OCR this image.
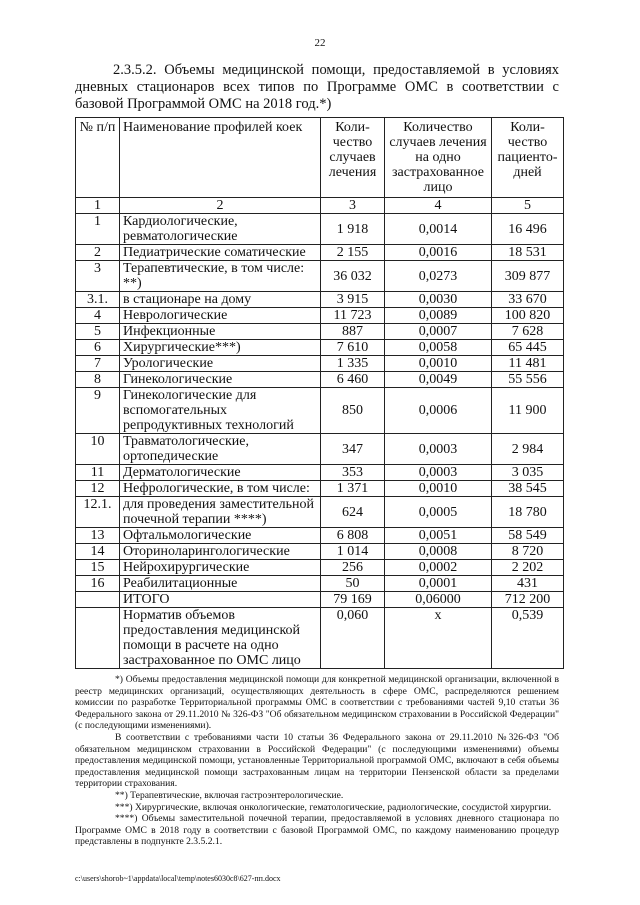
22

2.3.5.2. Объемы медицинской помощи, предоставляемой в условиях дневных стационаров всех типов по Программе ОМС в соответствии с базовой Программой ОМС на 2018 год.*)

№ п/п	Наименование профилей коек	Коли-чество случаев лечения	Количество случаев лечения на одно застрахованное лицо	Коли-чество пациенто-дней
1	2	3	4	5
1	Кардиологические, ревматологические	1 918	0,0014	16 496
2	Педиатрические соматические	2 155	0,0016	18 531
3	Терапевтические, в том числе: **)	36 032	0,0273	309 877
3.1.	в стационаре на дому	3 915	0,0030	33 670
4	Неврологические	11 723	0,0089	100 820
5	Инфекционные	887	0,0007	7 628
6	Хирургические***)	7 610	0,0058	65 445
7	Урологические	1 335	0,0010	11 481
8	Гинекологические	6 460	0,0049	55 556
9	Гинекологические для вспомогательных репродуктивных технологий	850	0,0006	11 900
10	Травматологические, ортопедические	347	0,0003	2 984
11	Дерматологические	353	0,0003	3 035
12	Нефрологические, в том числе:	1 371	0,0010	38 545
12.1.	для проведения заместительной почечной терапии ****)	624	0,0005	18 780
13	Офтальмологические	6 808	0,0051	58 549
14	Оториноларингологические	1 014	0,0008	8 720
15	Нейрохирургические	256	0,0002	2 202
16	Реабилитационные	50	0,0001	431
	ИТОГО	79 169	0,06000	712 200
	Норматив объемов предоставления медицинской помощи в расчете на одно застрахованное по ОМС лицо	0,060	х	0,539

*) Объемы предоставления медицинской помощи для конкретной медицинской организации, включенной в реестр медицинских организаций, осуществляющих деятельность в сфере ОМС, распределяются решением комиссии по разработке Территориальной программы ОМС в соответствии с требованиями частей 9,10 статьи 36 Федерального закона от 29.11.2010 № 326-ФЗ "Об обязательном медицинском страховании в Российской Федерации" (с последующими изменениями).

В соответствии с требованиями части 10 статьи 36 Федерального закона от 29.11.2010 №326-ФЗ "Об обязательном медицинском страховании в Российской Федерации" (с последующими изменениями) объемы предоставления медицинской помощи, установленные Территориальной программой ОМС, включают в себя объемы предоставления медицинской помощи застрахованным лицам на территории Пензенской области за пределами территории страхования.

**) Терапевтические, включая гастроэнтерологические.

***) Хирургические, включая онкологические, гематологические, радиологические, сосудистой хирургии.

****) Объемы заместительной почечной терапии, предоставляемой в условиях дневного стационара по Программе ОМС в 2018 году в соответствии с базовой Программой ОМС, по каждому наименованию процедур представлены в подпункте 2.3.5.2.1.

c:\users\shorob~1\appdata\local\temp\notes6030c8\627-пп.docx
